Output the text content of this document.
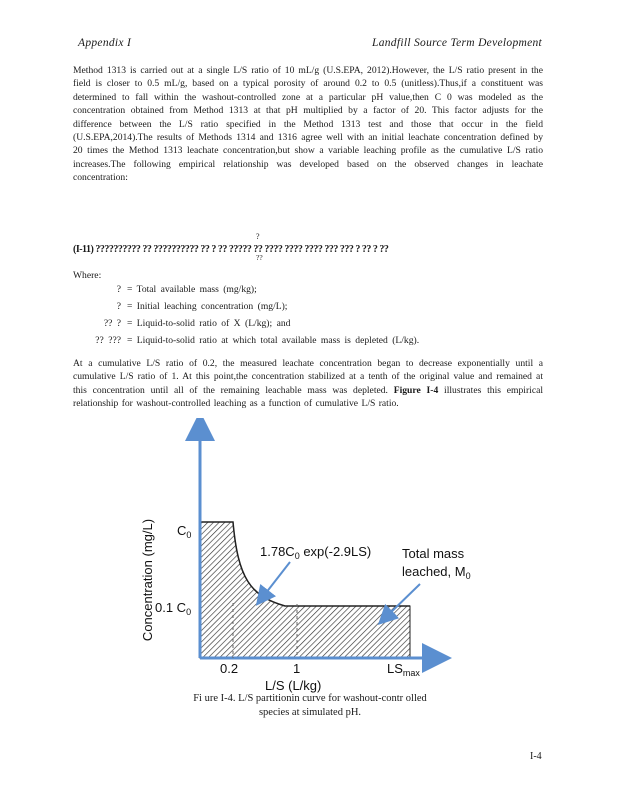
Appendix I	Landfill Source Term Development
Method 1313 is carried out at a single L/S ratio of 10 mL/g (U.S.EPA, 2012).However, the L/S ratio present in the field is closer to 0.5 mL/g, based on a typical porosity of around 0.2 to 0.5 (unitless).Thus,if a constituent was determined to fall within the washout-controlled zone at a particular pH value,then C 0 was modeled as the concentration obtained from Method 1313 at that pH multiplied by a factor of 20. This factor adjusts for the difference between the L/S ratio specified in the Method 1313 test and those that occur in the field (U.S.EPA,2014).The results of Methods 1314 and 1316 agree well with an initial leachate concentration defined by 20 times the Method 1313 leachate concentration,but show a variable leaching profile as the cumulative L/S ratio increases.The following empirical relationship was developed based on the observed changes in leachate concentration:
(I-11) ?????????? ?? ?????????? ?? ? ?? ????? ?? ???? ???? ???? ??? ??? ? ?? ? ??
?
??
Where:
? = Total available mass (mg/kg);
? = Initial leaching concentration (mg/L);
?? ? = Liquid-to-solid ratio of X (L/kg); and
?? ??? = Liquid-to-solid ratio at which total available mass is depleted (L/kg).
At a cumulative L/S ratio of 0.2, the measured leachate concentration began to decrease exponentially until a cumulative L/S ratio of 1. At this point,the concentration stabilized at a tenth of the original value and remained at this concentration until all of the remaining leachable mass was depleted. Figure I-4 illustrates this empirical relationship for washout-controlled leaching as a function of cumulative L/S ratio.
Concentration (mg/L) $C_0$
0.1 $C_0$
0.2	1	$LS_{max}$
L/S (L/kg)
$1.78C_0$ exp(-2.9LS) Total mass
leached, $M_0$
Fi ure I-4. L/S partitionin curve for washout-contr olled
species at simulated pH.
I-4
